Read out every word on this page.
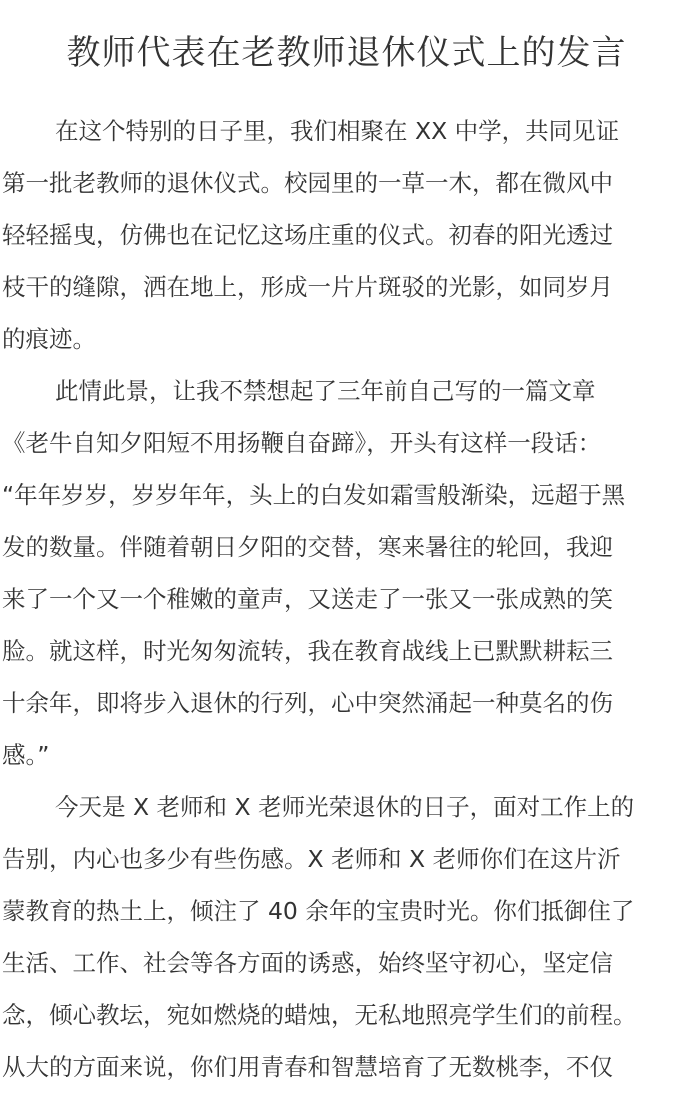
教师代表在老教师退休仪式上的发言
在这个特别的日子里，我们相聚在 XX 中学，共同见证
第一批老教师的退休仪式。校园里的一草一木，都在微风中
轻轻摇曳，仿佛也在记忆这场庄重的仪式。初春的阳光透过
枝干的缝隙，洒在地上，形成一片片斑驳的光影，如同岁月
的痕迹。
此情此景，让我不禁想起了三年前自己写的一篇文章
《老牛自知夕阳短不用扬鞭自奋蹄》，开头有这样一段话：
“年年岁岁，岁岁年年，头上的白发如霜雪般渐染，远超于黑
发的数量。伴随着朝日夕阳的交替，寒来暑往的轮回，我迎
来了一个又一个稚嫩的童声，又送走了一张又一张成熟的笑
脸。就这样，时光匆匆流转，我在教育战线上已默默耕耘三
十余年，即将步入退休的行列，心中突然涌起一种莫名的伤
感。”
今天是 X 老师和 X 老师光荣退休的日子，面对工作上的
告别，内心也多少有些伤感。X 老师和 X 老师你们在这片沂
蒙教育的热土上，倾注了 40 余年的宝贵时光。你们抵御住了
生活、工作、社会等各方面的诱惑，始终坚守初心，坚定信
念，倾心教坛，宛如燃烧的蜡烛，无私地照亮学生们的前程。
从大的方面来说，你们用青春和智慧培育了无数桃李，不仅
